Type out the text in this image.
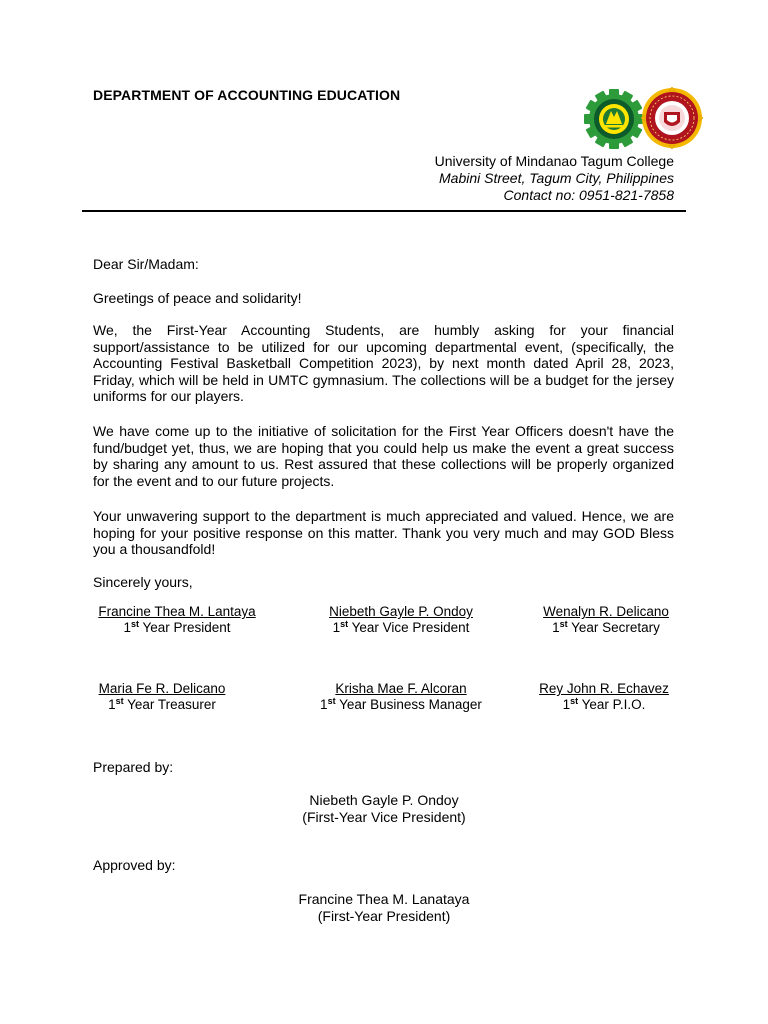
DEPARTMENT OF ACCOUNTING EDUCATION
University of Mindanao Tagum College
Mabini Street, Tagum City, Philippines
Contact no: 0951-821-7858
Dear Sir/Madam:
Greetings of peace and solidarity!

We, the First-Year Accounting Students, are humbly asking for your financial support/assistance to be utilized for our upcoming departmental event, (specifically, the Accounting Festival Basketball Competition 2023), by next month dated April 28, 2023, Friday, which will be held in UMTC gymnasium. The collections will be a budget for the jersey uniforms for our players.

We have come up to the initiative of solicitation for the First Year Officers doesn't have the fund/budget yet, thus, we are hoping that you could help us make the event a great success by sharing any amount to us. Rest assured that these collections will be properly organized for the event and to our future projects.

Your unwavering support to the department is much appreciated and valued. Hence, we are hoping for your positive response on this matter. Thank you very much and may GOD Bless you a thousandfold!

Sincerely yours,
Francine Thea M. Lantaya
1st Year President
Niebeth Gayle P. Ondoy
1st Year Vice President
Wenalyn R. Delicano
1st Year Secretary
Maria Fe R. Delicano
1st Year Treasurer
Krisha Mae F. Alcoran
1st Year Business Manager
Rey John R. Echavez
1st Year P.I.O.
Prepared by:
Niebeth Gayle P. Ondoy
(First-Year Vice President)
Approved by:
Francine Thea M. Lanataya
(First-Year President)
